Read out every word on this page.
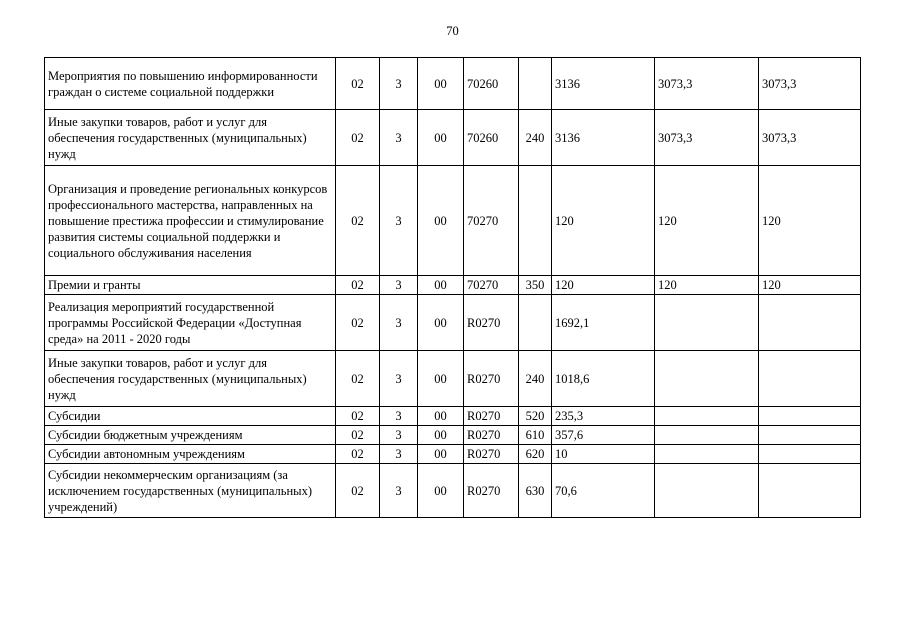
70
Мероприятия по повышению информированности граждан о системе социальной поддержки	02	3	00	70260		3136	3073,3	3073,3
Иные закупки товаров, работ и услуг для обеспечения государственных (муниципальных) нужд	02	3	00	70260	240	3136	3073,3	3073,3
Организация и проведение региональных конкурсов профессионального мастерства, направленных на повышение престижа профессии и стимулирование развития системы социальной поддержки и социального обслуживания населения	02	3	00	70270		120	120	120
Премии и гранты	02	3	00	70270	350	120	120	120
Реализация мероприятий государственной программы Российской Федерации «Доступная среда» на 2011 - 2020 годы	02	3	00	R0270		1692,1		
Иные закупки товаров, работ и услуг для обеспечения государственных (муниципальных) нужд	02	3	00	R0270	240	1018,6		
Субсидии	02	3	00	R0270	520	235,3		
Субсидии бюджетным учреждениям	02	3	00	R0270	610	357,6		
Субсидии автономным учреждениям	02	3	00	R0270	620	10		
Субсидии некоммерческим организациям (за исключением государственных (муниципальных) учреждений)	02	3	00	R0270	630	70,6		
